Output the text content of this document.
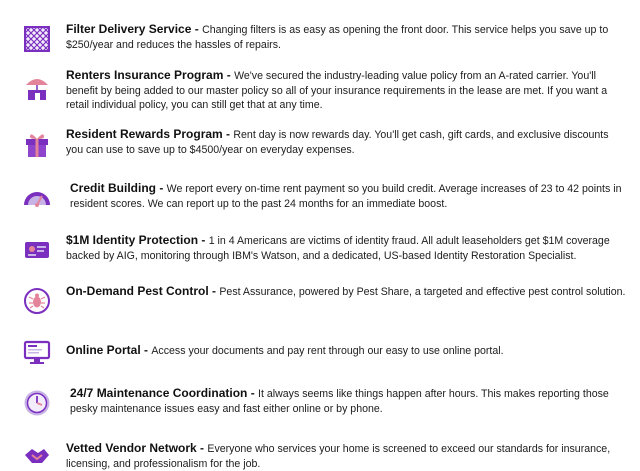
Filter Delivery Service - Changing filters is as easy as opening the front door. This service helps you save up to $250/year and reduces the hassles of repairs.
Renters Insurance Program - We've secured the industry-leading value policy from an A-rated carrier. You'll benefit by being added to our master policy so all of your insurance requirements in the lease are met. If you want a retail individual policy, you can still get that at any time.
Resident Rewards Program - Rent day is now rewards day. You'll get cash, gift cards, and exclusive discounts you can use to save up to $4500/year on everyday expenses.
Credit Building - We report every on-time rent payment so you build credit. Average increases of 23 to 42 points in resident scores. We can report up to the past 24 months for an immediate boost.
$1M Identity Protection - 1 in 4 Americans are victims of identity fraud. All adult leaseholders get $1M coverage backed by AIG, monitoring through IBM's Watson, and a dedicated, US-based Identity Restoration Specialist.
On-Demand Pest Control - Pest Assurance, powered by Pest Share, a targeted and effective pest control solution.
Online Portal - Access your documents and pay rent through our easy to use online portal.
24/7 Maintenance Coordination - It always seems like things happen after hours. This makes reporting those pesky maintenance issues easy and fast either online or by phone.
Vetted Vendor Network - Everyone who services your home is screened to exceed our standards for insurance, licensing, and professionalism for the job.
